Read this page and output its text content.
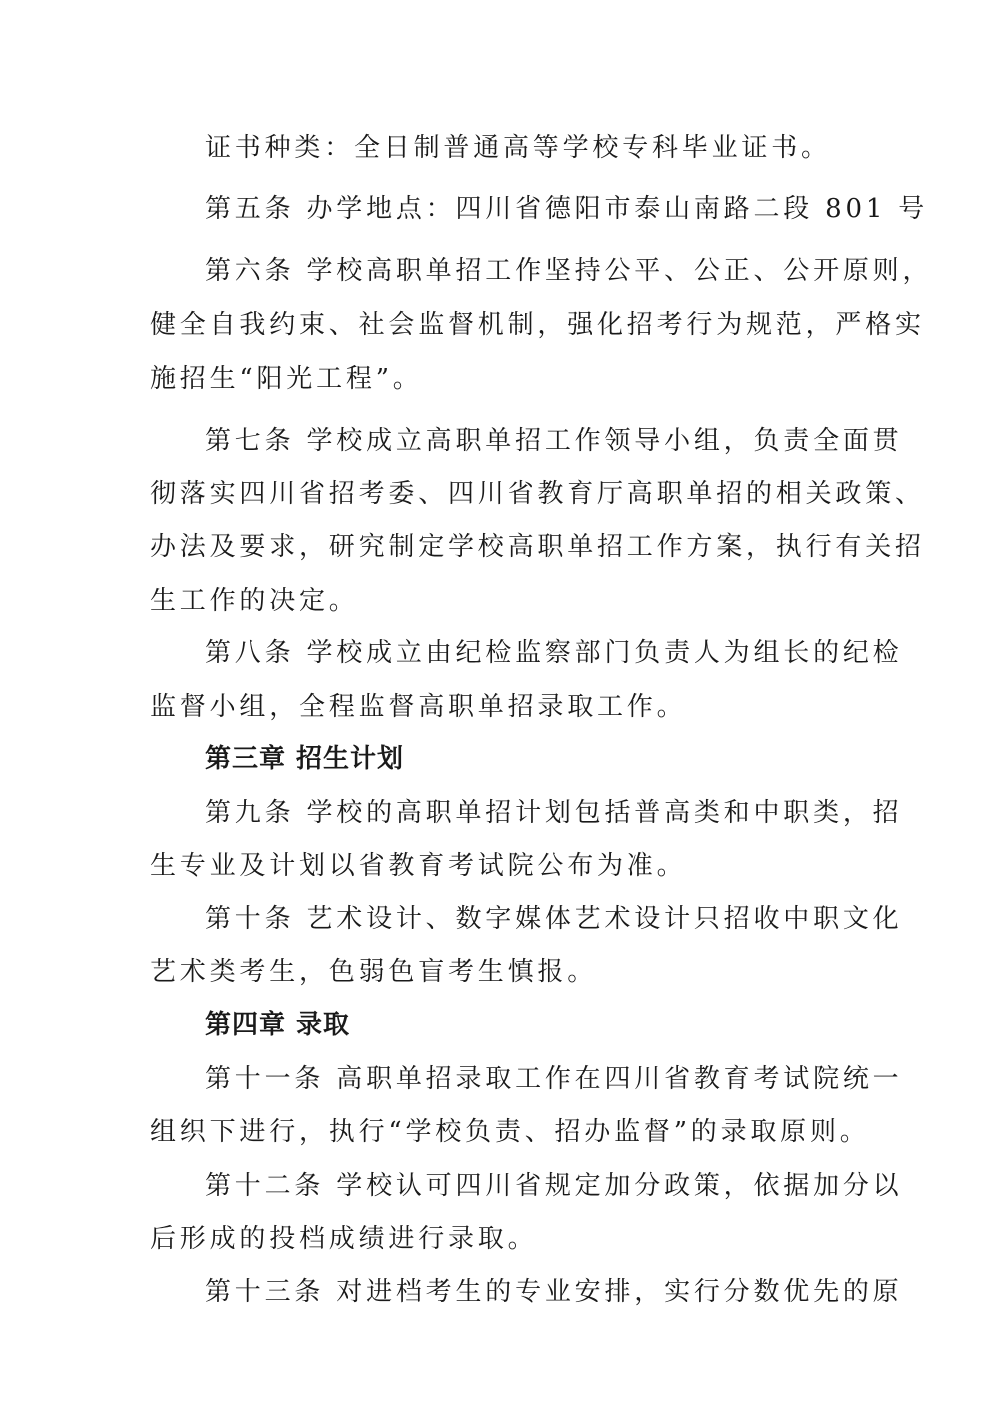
证书种类：全日制普通高等学校专科毕业证书。
第五条 办学地点：四川省德阳市泰山南路二段 801 号
第六条 学校高职单招工作坚持公平、公正、公开原则，
健全自我约束、社会监督机制，强化招考行为规范，严格实
施招生“阳光工程”。
第七条 学校成立高职单招工作领导小组，负责全面贯
彻落实四川省招考委、四川省教育厅高职单招的相关政策、
办法及要求，研究制定学校高职单招工作方案，执行有关招
生工作的决定。
第八条 学校成立由纪检监察部门负责人为组长的纪检
监督小组，全程监督高职单招录取工作。
第三章 招生计划
第九条 学校的高职单招计划包括普高类和中职类，招
生专业及计划以省教育考试院公布为准。
第十条 艺术设计、数字媒体艺术设计只招收中职文化
艺术类考生，色弱色盲考生慎报。
第四章 录取
第十一条 高职单招录取工作在四川省教育考试院统一
组织下进行，执行“学校负责、招办监督”的录取原则。
第十二条 学校认可四川省规定加分政策，依据加分以
后形成的投档成绩进行录取。
第十三条 对进档考生的专业安排，实行分数优先的原
